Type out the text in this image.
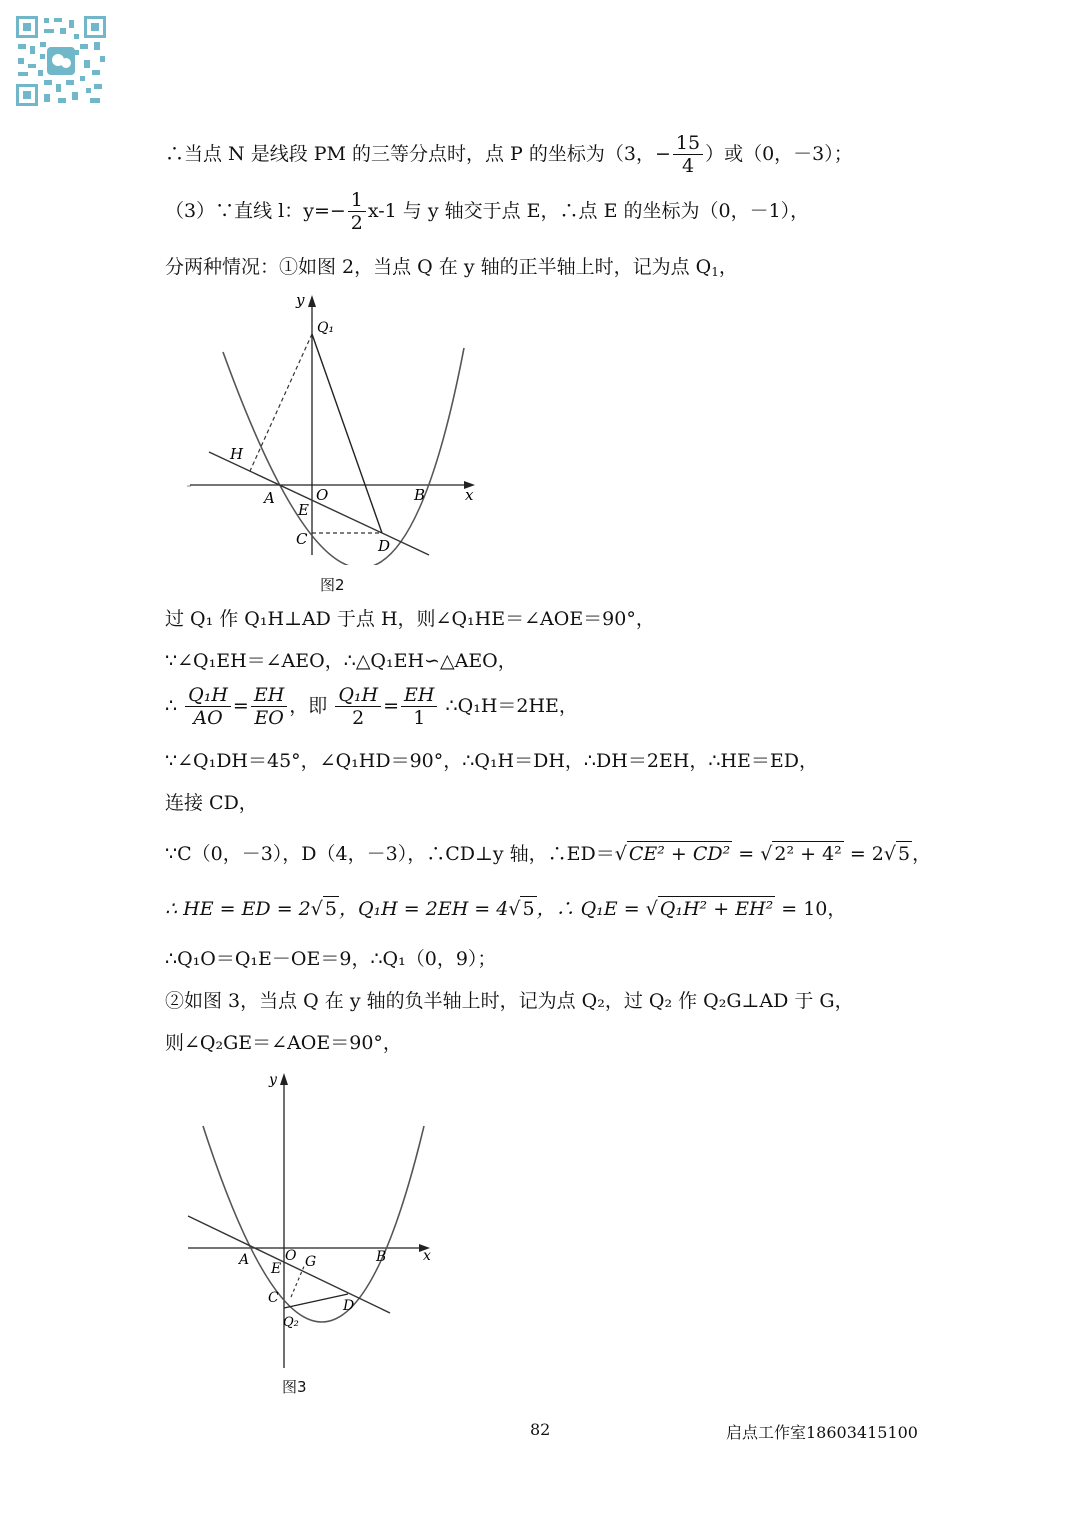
∴当点 N 是线段 PM 的三等分点时，点 P 的坐标为（3，− $\frac{15}{4}$ ）或（0，－3）；
（3）∵直线 l：$y=- \frac{1}{2} x-1$ 与 y 轴交于点 E，∴点 E 的坐标为（0，－1），
分两种情况：①如图 2，当点 Q 在 y 轴的正半轴上时，记为点 $Q_1$，
y
x
Q₁
H
A	O	B
E
C	D
图2
过 Q₁ 作 Q₁H⊥AD 于点 H，则∠Q₁HE＝∠AOE＝90°，
∵∠Q₁EH＝∠AEO，∴△Q₁EH∽△AEO，
∴ $\frac{\text{Q₁H}}{AO} = \frac{EH}{EO}$ ，即 $\frac{\text{Q₁H}}{2} = \frac{EH}{1}$ ∴Q₁H＝2HE，
∵∠Q₁DH＝45°，∠Q₁HD＝90°，∴Q₁H＝DH，∴DH＝2EH，∴HE＝ED，
连接 CD，
∵C（0，－3），D（4，－3），∴CD⊥y 轴，∴ED＝√ CE² + CD² = √ 2² + 4² = 2√ 5 ，
∴ HE = ED = 2√ 5 ，Q₁H = 2EH = 4√ 5 ，∴ Q₁E = √ Q₁H² + EH² = 10，
∴Q₁O＝Q₁E－OE＝9，∴Q₁（0，9）；
②如图 3，当点 Q 在 y 轴的负半轴上时，记为点 Q₂，过 Q₂ 作 Q₂G⊥AD 于 G，
则∠Q₂GE＝∠AOE＝90°，
y
x
A	O G	B
E
C	D
Q₂
图3
82	启点工作室18603415100
